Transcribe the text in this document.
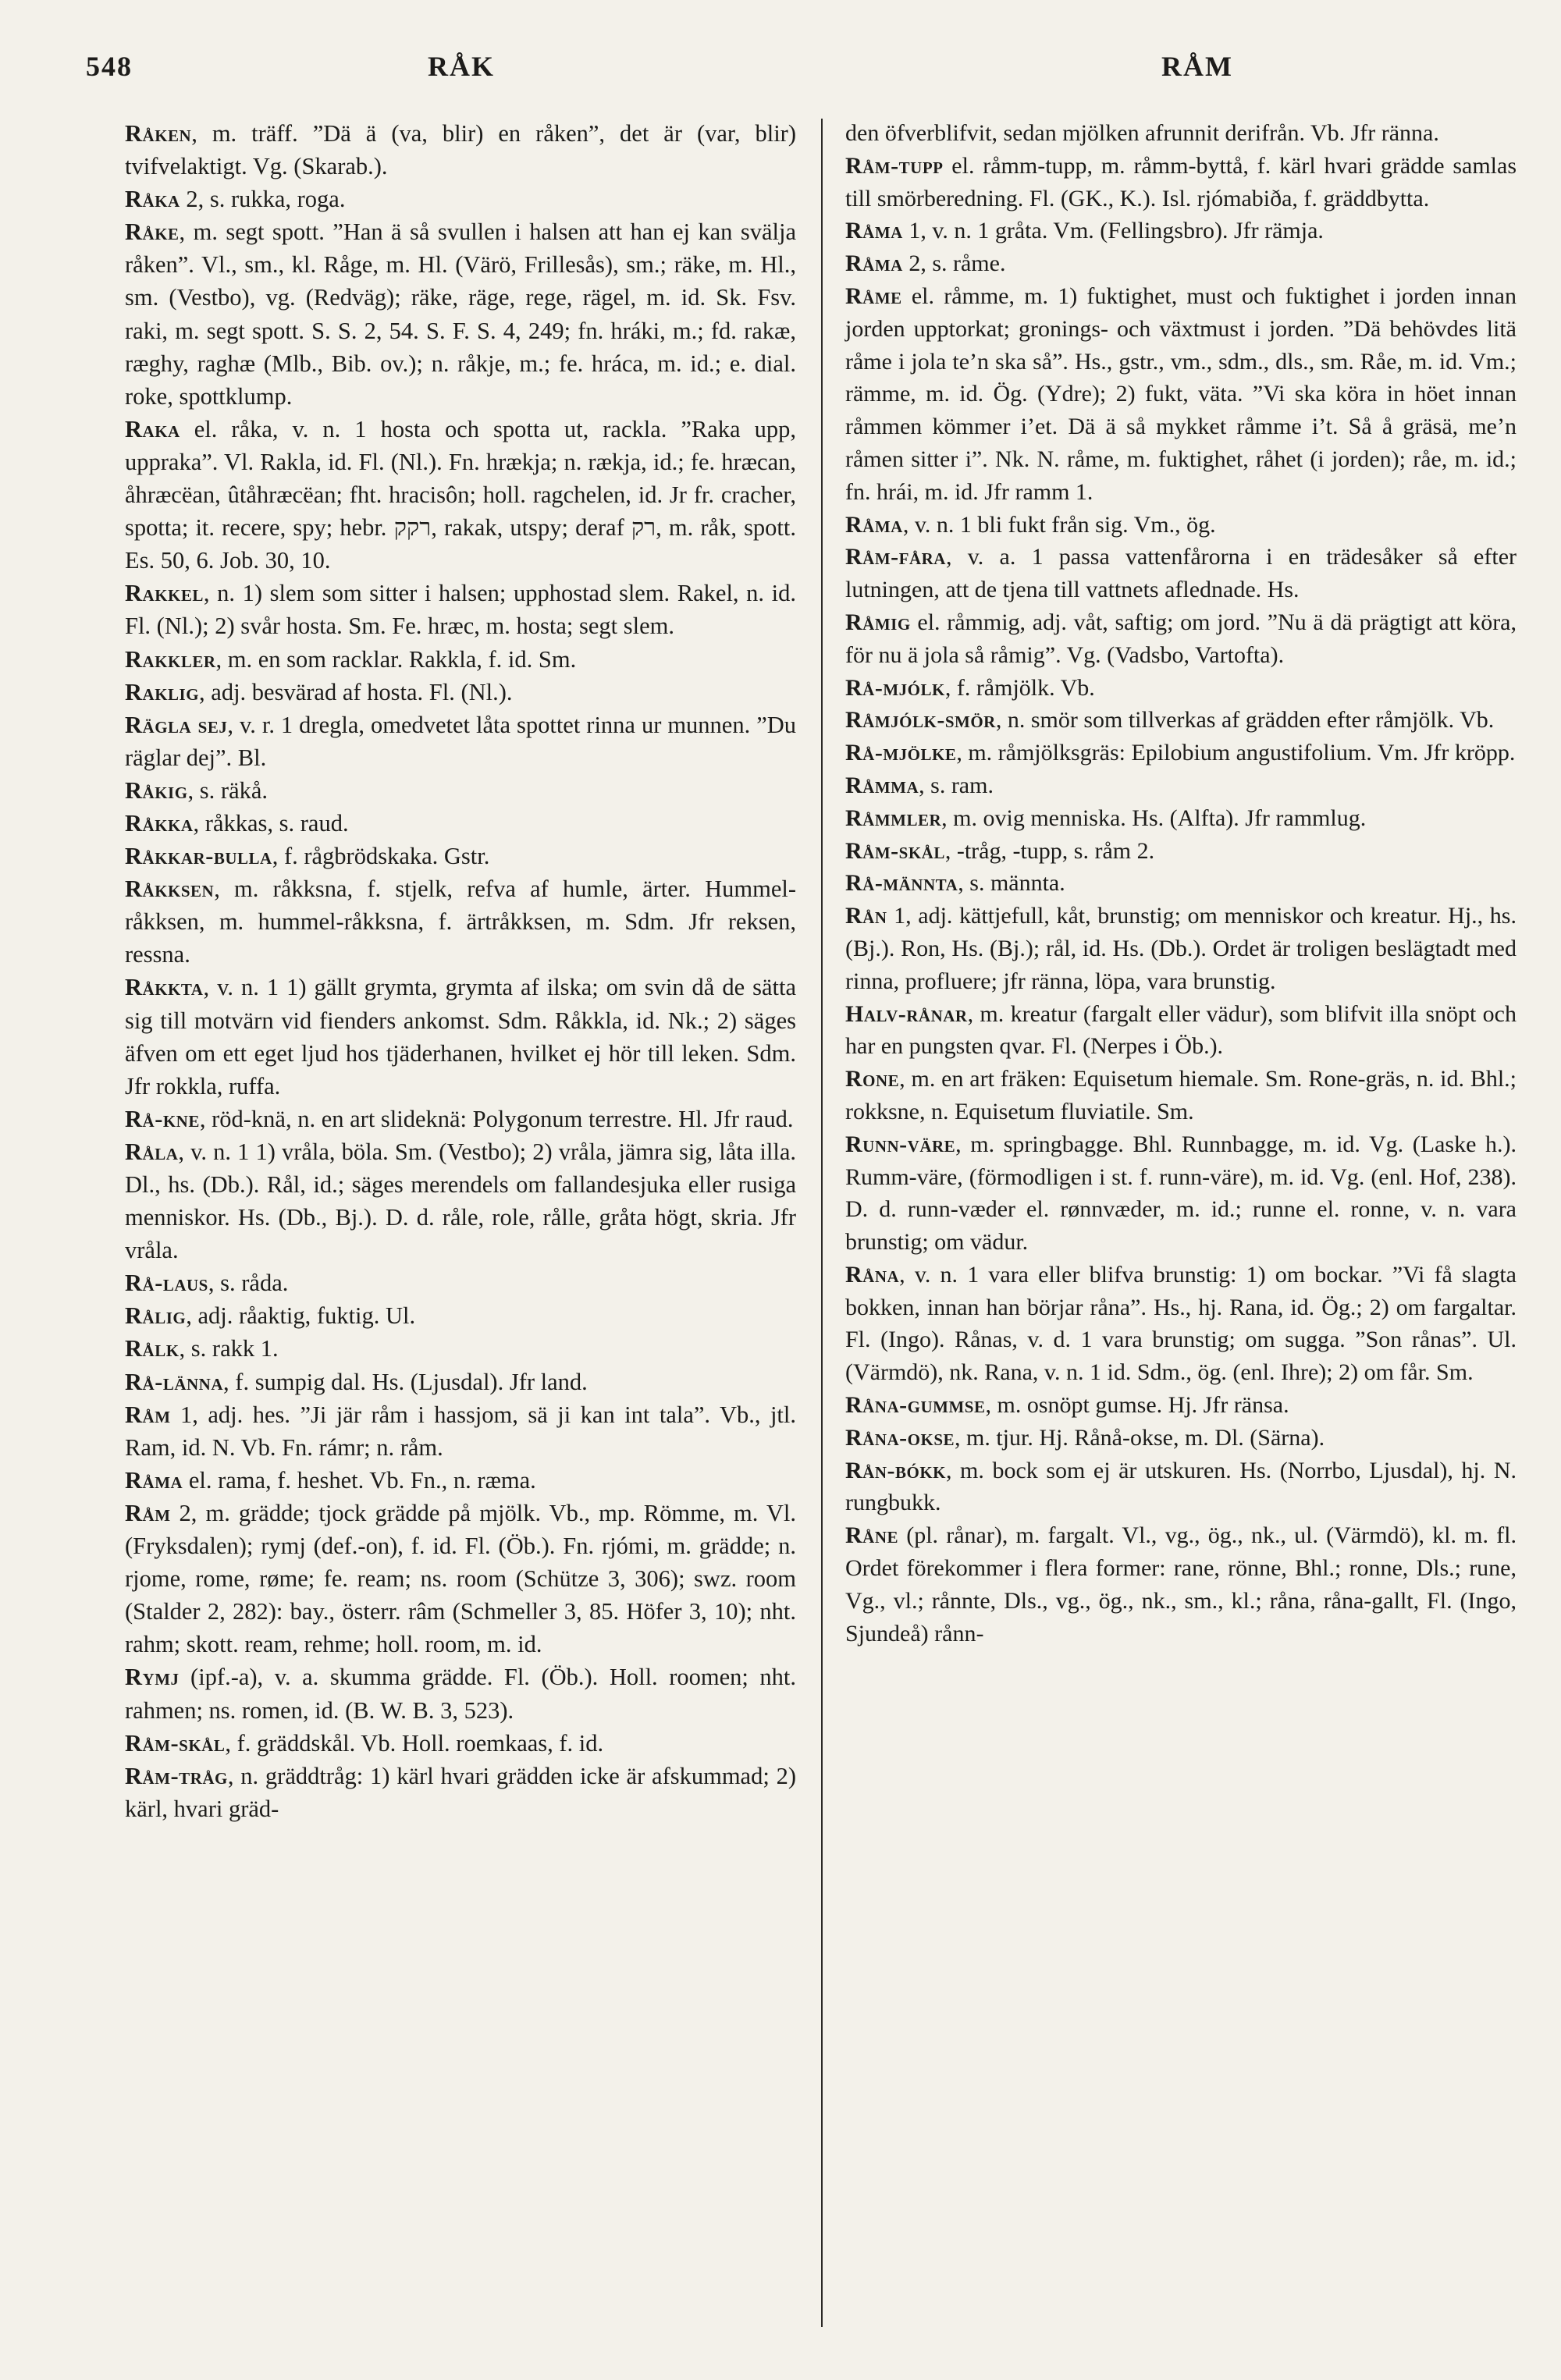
548	RÅK	RÅM

Råken, m. träff. ”Dä ä (va, blir) en råken”, det är (var, blir) tvifvelaktigt. Vg. (Skarab.).

Råka 2, s. rukka, roga.

Råke, m. segt spott. ”Han ä så svullen i halsen att han ej kan svälja råken”. Vl., sm., kl. Råge, m. Hl. (Värö, Frillesås), sm.; räke, m. Hl., sm. (Vestbo), vg. (Redväg); räke, räge, rege, rägel, m. id. Sk. Fsv. raki, m. segt spott. S. S. 2, 54. S. F. S. 4, 249; fn. hráki, m.; fd. rakæ, ræghy, raghæ (Mlb., Bib. ov.); n. råkje, m.; fe. hráca, m. id.; e. dial. roke, spottklump.

Raka el. råka, v. n. 1 hosta och spotta ut, rackla. ”Raka upp, uppraka”. Vl. Rakla, id. Fl. (Nl.). Fn. hrækja; n. rækja, id.; fe. hræcan, åhræcëan, ûtåhræcëan; fht. hracisôn; holl. ragchelen, id. Jr fr. cracher, spotta; it. recere, spy; hebr. רקק, rakak, utspy; deraf רק, m. råk, spott. Es. 50, 6. Job. 30, 10.

Rakkel, n. 1) slem som sitter i halsen; upphostad slem. Rakel, n. id. Fl. (Nl.); 2) svår hosta. Sm. Fe. hræc, m. hosta; segt slem.

Rakkler, m. en som racklar. Rakkla, f. id. Sm.

Raklig, adj. besvärad af hosta. Fl. (Nl.).

Rägla sej, v. r. 1 dregla, omedvetet låta spottet rinna ur munnen. ”Du räglar dej”. Bl.

Råkig, s. räkå.

Råkka, råkkas, s. raud.

Råkkar-bulla, f. rågbrödskaka. Gstr.

Råkksen, m. råkksna, f. stjelk, refva af humle, ärter. Hummel-råkksen, m. hummel-råkksna, f. ärtråkksen, m. Sdm. Jfr reksen, ressna.

Råkkta, v. n. 1 1) gällt grymta, grymta af ilska; om svin då de sätta sig till motvärn vid fienders ankomst. Sdm. Råkkla, id. Nk.; 2) säges äfven om ett eget ljud hos tjäderhanen, hvilket ej hör till leken. Sdm. Jfr rokkla, ruffa.

Rå-kne, röd-knä, n. en art slideknä: Polygonum terrestre. Hl. Jfr raud.

Råla, v. n. 1 1) vråla, böla. Sm. (Vestbo); 2) vråla, jämra sig, låta illa. Dl., hs. (Db.). Rål, id.; säges merendels om fallandesjuka eller rusiga menniskor. Hs. (Db., Bj.). D. d. råle, role, rålle, gråta högt, skria. Jfr vråla.

Rå-laus, s. råda.

Rålig, adj. råaktig, fuktig. Ul.

Rålk, s. rakk 1.

Rå-länna, f. sumpig dal. Hs. (Ljusdal). Jfr land.

Råm 1, adj. hes. ”Ji jär råm i hassjom, sä ji kan int tala”. Vb., jtl. Ram, id. N. Vb. Fn. rámr; n. råm.

Råma el. rama, f. heshet. Vb. Fn., n. ræma.

Råm 2, m. grädde; tjock grädde på mjölk. Vb., mp. Römme, m. Vl. (Fryksdalen); rymj (def.-on), f. id. Fl. (Öb.). Fn. rjómi, m. grädde; n. rjome, rome, røme; fe. ream; ns. room (Schütze 3, 306); swz. room (Stalder 2, 282): bay., österr. râm (Schmeller 3, 85. Höfer 3, 10); nht. rahm; skott. ream, rehme; holl. room, m. id.

Rymj (ipf.-a), v. a. skumma grädde. Fl. (Öb.). Holl. roomen; nht. rahmen; ns. romen, id. (B. W. B. 3, 523).

Råm-skål, f. gräddskål. Vb. Holl. roemkaas, f. id.

Råm-tråg, n. gräddtråg: 1) kärl hvari grädden icke är afskummad; 2) kärl, hvari gräd-

den öfverblifvit, sedan mjölken afrunnit derifrån. Vb. Jfr ränna.

Råm-tupp el. råmm-tupp, m. råmm-byttå, f. kärl hvari grädde samlas till smörberedning. Fl. (GK., K.). Isl. rjómabiða, f. gräddbytta.

Råma 1, v. n. 1 gråta. Vm. (Fellingsbro). Jfr rämja.

Råma 2, s. råme.

Råme el. råmme, m. 1) fuktighet, must och fuktighet i jorden innan jorden upptorkat; gronings- och växtmust i jorden. ”Dä behövdes litä råme i jola te’n ska så”. Hs., gstr., vm., sdm., dls., sm. Råe, m. id. Vm.; rämme, m. id. Ög. (Ydre); 2) fukt, väta. ”Vi ska köra in höet innan råmmen kömmer i’et. Dä ä så mykket råmme i’t. Så å gräsä, me’n råmen sitter i”. Nk. N. råme, m. fuktighet, råhet (i jorden); råe, m. id.; fn. hrái, m. id. Jfr ramm 1.

Råma, v. n. 1 bli fukt från sig. Vm., ög.

Råm-fåra, v. a. 1 passa vattenfårorna i en trädesåker så efter lutningen, att de tjena till vattnets aflednade. Hs.

Råmig el. råmmig, adj. våt, saftig; om jord. ”Nu ä dä prägtigt att köra, för nu ä jola så råmig”. Vg. (Vadsbo, Vartofta).

Rå-mjólk, f. råmjölk. Vb.

Råmjólk-smör, n. smör som tillverkas af grädden efter råmjölk. Vb.

Rå-mjölke, m. råmjölksgräs: Epilobium angustifolium. Vm. Jfr kröpp.

Råmma, s. ram.

Råmmler, m. ovig menniska. Hs. (Alfta). Jfr rammlug.

Råm-skål, -tråg, -tupp, s. råm 2.

Rå-männta, s. männta.

Rån 1, adj. kättjefull, kåt, brunstig; om menniskor och kreatur. Hj., hs. (Bj.). Ron, Hs. (Bj.); rål, id. Hs. (Db.). Ordet är troligen beslägtadt med rinna, profluere; jfr ränna, löpa, vara brunstig.

Halv-rånar, m. kreatur (fargalt eller vädur), som blifvit illa snöpt och har en pungsten qvar. Fl. (Nerpes i Öb.).

Rone, m. en art fräken: Equisetum hiemale. Sm. Rone-gräs, n. id. Bhl.; rokksne, n. Equisetum fluviatile. Sm.

Runn-väre, m. springbagge. Bhl. Runnbagge, m. id. Vg. (Laske h.). Rumm-väre, (förmodligen i st. f. runn-väre), m. id. Vg. (enl. Hof, 238). D. d. runn-væder el. rønnvæder, m. id.; runne el. ronne, v. n. vara brunstig; om vädur.

Råna, v. n. 1 vara eller blifva brunstig: 1) om bockar. ”Vi få slagta bokken, innan han börjar råna”. Hs., hj. Rana, id. Ög.; 2) om fargaltar. Fl. (Ingo). Rånas, v. d. 1 vara brunstig; om sugga. ”Son rånas”. Ul. (Värmdö), nk. Rana, v. n. 1 id. Sdm., ög. (enl. Ihre); 2) om får. Sm.

Råna-gummse, m. osnöpt gumse. Hj. Jfr ränsa.

Råna-okse, m. tjur. Hj. Rånå-okse, m. Dl. (Särna).

Rån-bókk, m. bock som ej är utskuren. Hs. (Norrbo, Ljusdal), hj. N. rungbukk.

Råne (pl. rånar), m. fargalt. Vl., vg., ög., nk., ul. (Värmdö), kl. m. fl. Ordet förekommer i flera former: rane, rönne, Bhl.; ronne, Dls.; rune, Vg., vl.; rånnte, Dls., vg., ög., nk., sm., kl.; råna, råna-gallt, Fl. (Ingo, Sjundeå) rånn-
